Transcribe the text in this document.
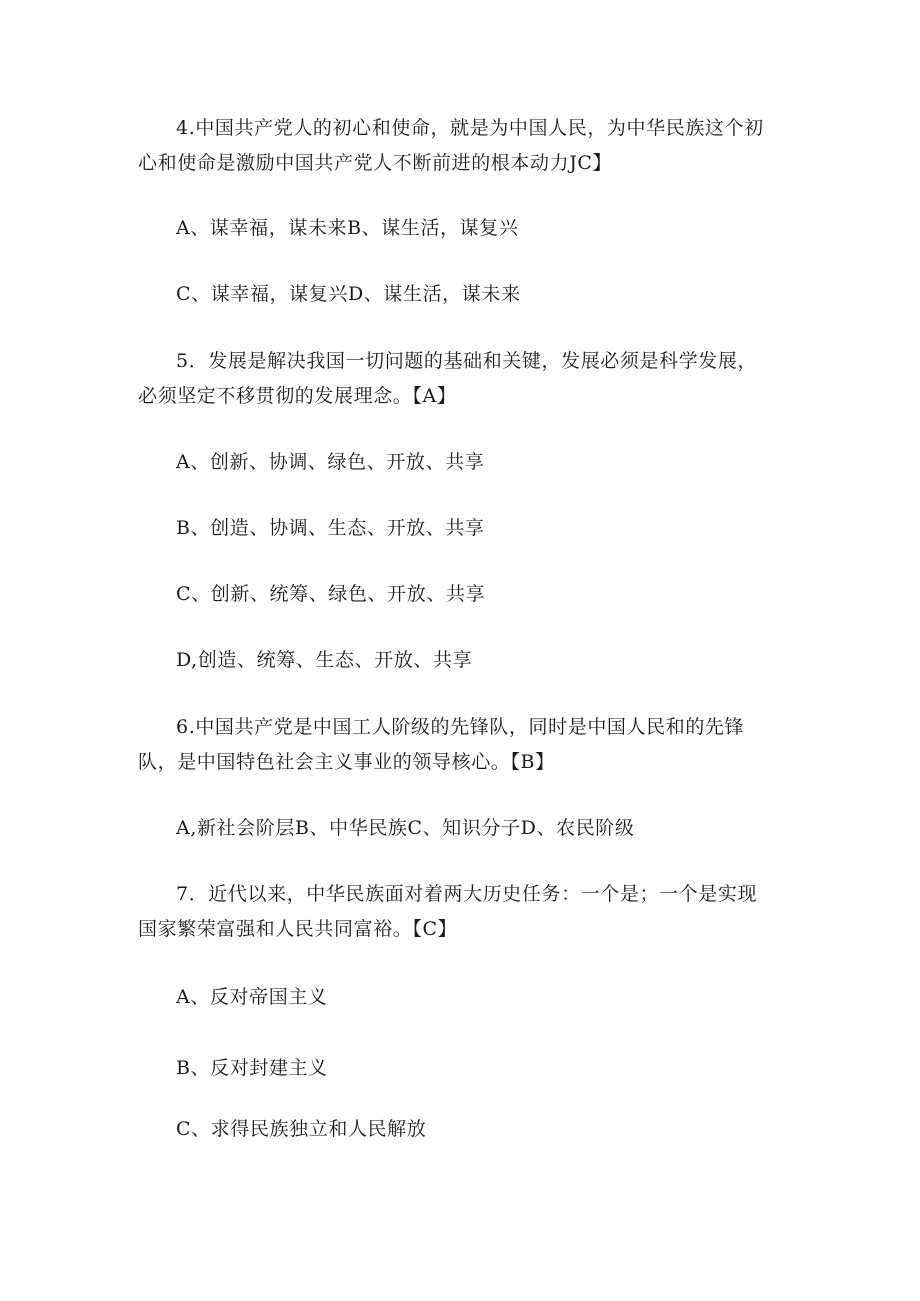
4.中国共产党人的初心和使命，就是为中国人民，为中华民族这个初
心和使命是激励中国共产党人不断前进的根本动力JC】
A、谋幸福，谋未来B、谋生活，谋复兴
C、谋幸福，谋复兴D、谋生活，谋未来
5．发展是解决我国一切问题的基础和关键，发展必须是科学发展，
必须坚定不移贯彻的发展理念。【A】
A、创新、协调、绿色、开放、共享
B、创造、协调、生态、开放、共享
C、创新、统筹、绿色、开放、共享
D,创造、统筹、生态、开放、共享
6.中国共产党是中国工人阶级的先锋队，同时是中国人民和的先锋
队，是中国特色社会主义事业的领导核心。【B】
A,新社会阶层B、中华民族C、知识分子D、农民阶级
7．近代以来，中华民族面对着两大历史任务：一个是；一个是实现
国家繁荣富强和人民共同富裕。【C】
A、反对帝国主义
B、反对封建主义
C、求得民族独立和人民解放
